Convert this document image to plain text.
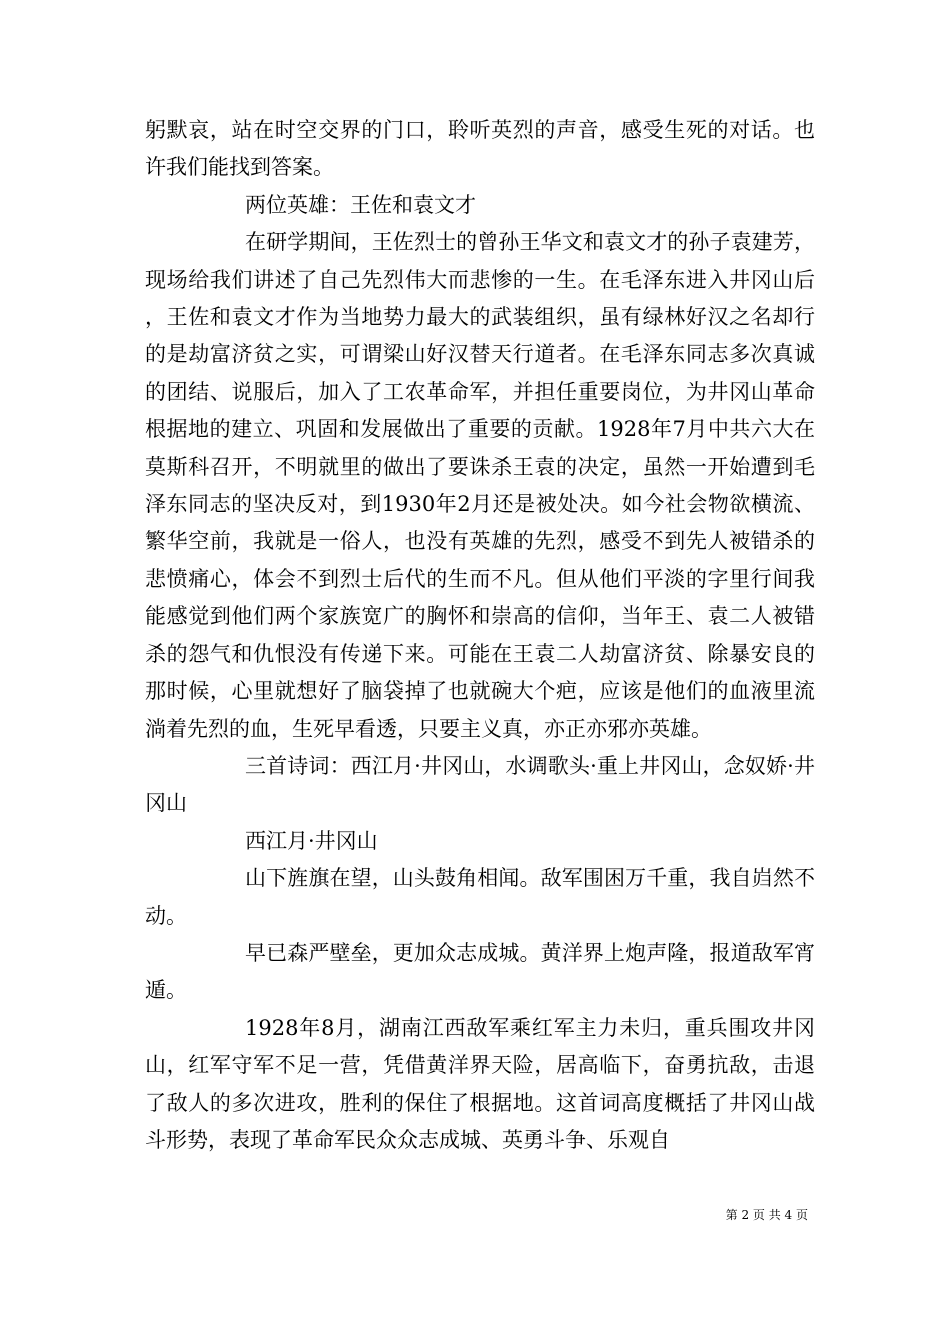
躬默哀，站在时空交界的门口，聆听英烈的声音，感受生死的对话。也许我们能找到答案。

两位英雄：王佐和袁文才

在研学期间，王佐烈士的曾孙王华文和袁文才的孙子袁建芳，现场给我们讲述了自己先烈伟大而悲惨的一生。在毛泽东进入井冈山后，王佐和袁文才作为当地势力最大的武装组织，虽有绿林好汉之名却行的是劫富济贫之实，可谓梁山好汉替天行道者。在毛泽东同志多次真诚的团结、说服后，加入了工农革命军，并担任重要岗位，为井冈山革命根据地的建立、巩固和发展做出了重要的贡献。1928年7月中共六大在莫斯科召开，不明就里的做出了要诛杀王袁的决定，虽然一开始遭到毛泽东同志的坚决反对，到1930年2月还是被处决。如今社会物欲横流、繁华空前，我就是一俗人，也没有英雄的先烈，感受不到先人被错杀的悲愤痛心，体会不到烈士后代的生而不凡。但从他们平淡的字里行间我能感觉到他们两个家族宽广的胸怀和崇高的信仰，当年王、袁二人被错杀的怨气和仇恨没有传递下来。可能在王袁二人劫富济贫、除暴安良的那时候，心里就想好了脑袋掉了也就碗大个疤，应该是他们的血液里流淌着先烈的血，生死早看透，只要主义真，亦正亦邪亦英雄。

三首诗词：西江月·井冈山，水调歌头·重上井冈山，念奴娇·井冈山

西江月·井冈山

山下旌旗在望，山头鼓角相闻。敌军围困万千重，我自岿然不动。

早已森严壁垒，更加众志成城。黄洋界上炮声隆，报道敌军宵遁。

1928年8月，湖南江西敌军乘红军主力未归，重兵围攻井冈山，红军守军不足一营，凭借黄洋界天险，居高临下，奋勇抗敌，击退了敌人的多次进攻，胜利的保住了根据地。这首词高度概括了井冈山战斗形势，表现了革命军民众众志成城、英勇斗争、乐观自

第 2 页 共 4 页
